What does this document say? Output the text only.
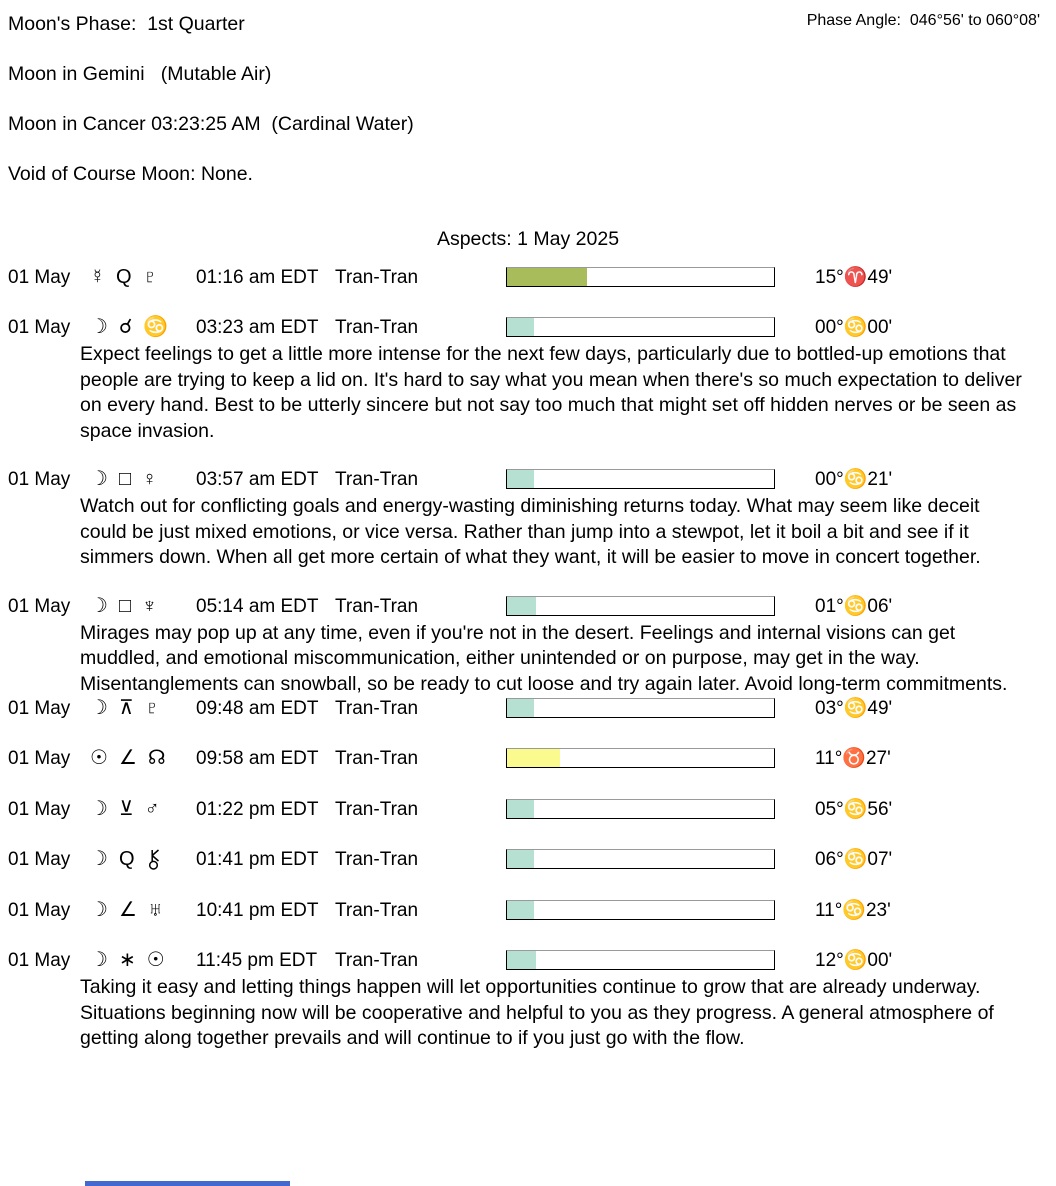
Moon's Phase:  1st Quarter
Moon in Gemini   (Mutable Air)
Moon in Cancer 03:23:25 AM  (Cardinal Water)
Void of Course Moon: None.
Phase Angle:  046°56' to 060°08'
Aspects: 1 May 2025
01 May ☿ Q ♇ 01:16 am EDT Tran-Tran	15°♈49'
01 May ☽ ☌ ♋ 03:23 am EDT Tran-Tran	00°♋00'
Expect feelings to get a little more intense for the next few days, particularly due to bottled-up emotions that people are trying to keep a lid on. It's hard to say what you mean when there's so much expectation to deliver on every hand. Best to be utterly sincere but not say too much that might set off hidden nerves or be seen as space invasion.
01 May ☽ □ ♀ 03:57 am EDT Tran-Tran	00°♋21'
Watch out for conflicting goals and energy-wasting diminishing returns today. What may seem like deceit could be just mixed emotions, or vice versa. Rather than jump into a stewpot, let it boil a bit and see if it simmers down. When all get more certain of what they want, it will be easier to move in concert together.
01 May ☽ □ ♆ 05:14 am EDT Tran-Tran	01°♋06'
Mirages may pop up at any time, even if you're not in the desert. Feelings and internal visions can get muddled, and emotional miscommunication, either unintended or on purpose, may get in the way. Misentanglements can snowball, so be ready to cut loose and try again later. Avoid long-term commitments.
01 May ☽ ⊼ ♇ 09:48 am EDT Tran-Tran	03°♋49'
01 May ☉ ∠ ☊ 09:58 am EDT Tran-Tran	11°♉27'
01 May ☽ ⊻ ♂ 01:22 pm EDT Tran-Tran	05°♋56'
01 May ☽ Q	01:41 pm EDT Tran-Tran	06°♋07'
01 May ☽ ∠ ♅ 10:41 pm EDT Tran-Tran	11°♋23'
01 May ☽ ∗ ☉ 11:45 pm EDT Tran-Tran	12°♋00'
Taking it easy and letting things happen will let opportunities continue to grow that are already underway. Situations beginning now will be cooperative and helpful to you as they progress. A general atmosphere of getting along together prevails and will continue to if you just go with the flow.
